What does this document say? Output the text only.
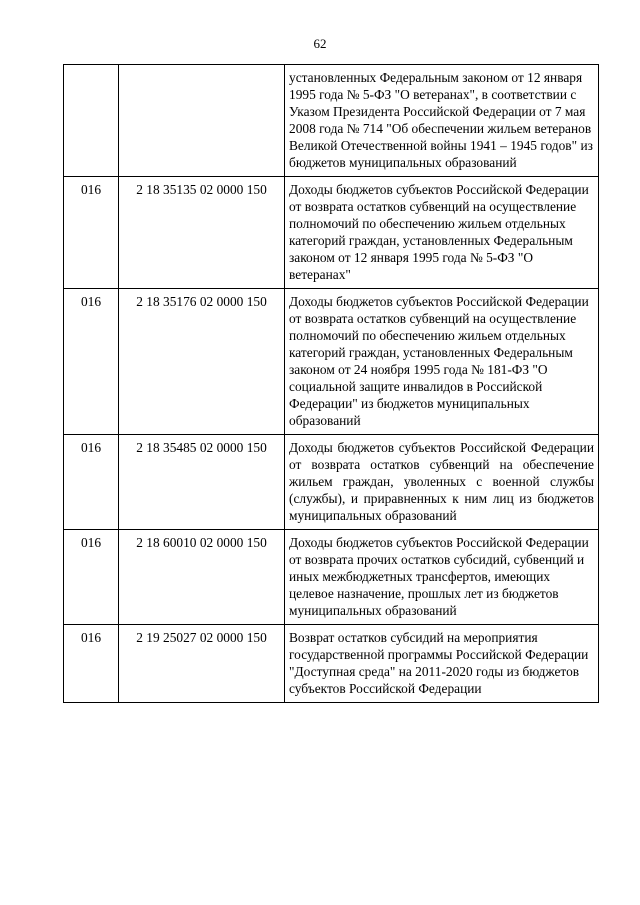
62
		установленных Федеральным законом от 12 января 1995 года № 5-ФЗ "О ветеранах", в соответствии с Указом Президента Российской Федерации от 7 мая 2008 года № 714 "Об обеспечении жильем ветеранов Великой Отечественной войны 1941 – 1945 годов" из бюджетов муниципальных образований
016	2 18 35135 02 0000 150	Доходы бюджетов субъектов Российской Федерации от возврата остатков субвенций на осуществление полномочий по обеспечению жильем отдельных категорий граждан, установленных Федеральным законом от 12 января 1995 года № 5-ФЗ "О ветеранах"
016	2 18 35176 02 0000 150	Доходы бюджетов субъектов Российской Федерации от возврата остатков субвенций на осуществление полномочий по обеспечению жильем отдельных категорий граждан, установленных Федеральным законом от 24 ноября 1995 года № 181-ФЗ "О социальной защите инвалидов в Российской Федерации" из бюджетов муниципальных образований
016	2 18 35485 02 0000 150	Доходы бюджетов субъектов Российской Федерации от возврата остатков субвенций на обеспечение жильем граждан, уволенных с военной службы (службы), и приравненных к ним лиц из бюджетов муниципальных образований
016	2 18 60010 02 0000 150	Доходы бюджетов субъектов Российской Федерации от возврата прочих остатков субсидий, субвенций и иных межбюджетных трансфертов, имеющих целевое назначение, прошлых лет из бюджетов муниципальных образований
016	2 19 25027 02 0000 150	Возврат остатков субсидий на мероприятия государственной программы Российской Федерации "Доступная среда" на 2011-2020 годы из бюджетов субъектов Российской Федерации
